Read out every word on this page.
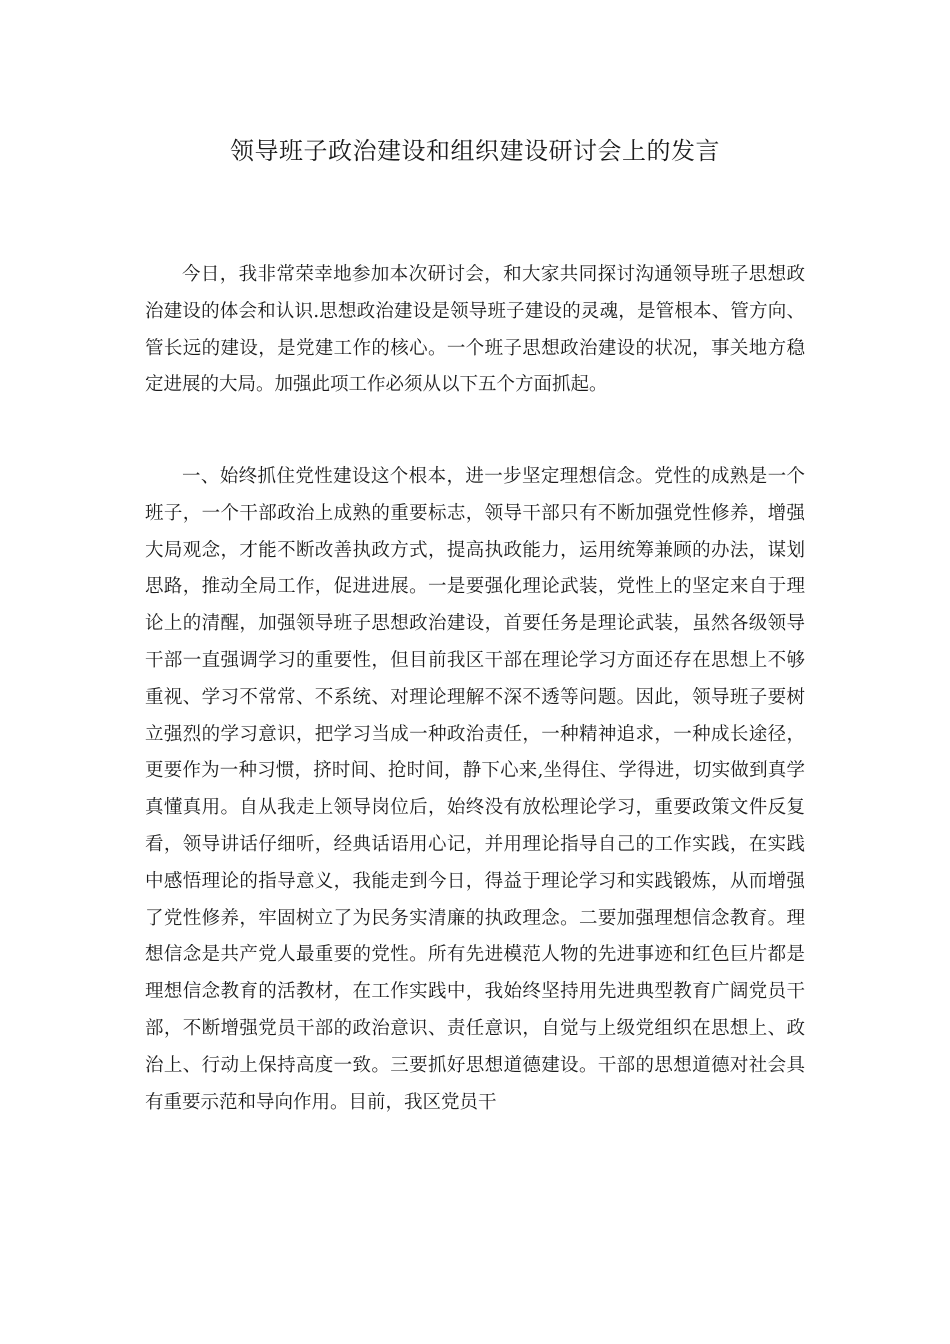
领导班子政治建设和组织建设研讨会上的发言

今日，我非常荣幸地参加本次研讨会，和大家共同探讨沟通领导班子思想政治建设的体会和认识.思想政治建设是领导班子建设的灵魂，是管根本、管方向、管长远的建设，是党建工作的核心。一个班子思想政治建设的状况，事关地方稳定进展的大局。加强此项工作必须从以下五个方面抓起。

一、始终抓住党性建设这个根本，进一步坚定理想信念。党性的成熟是一个班子，一个干部政治上成熟的重要标志，领导干部只有不断加强党性修养，增强大局观念，才能不断改善执政方式，提高执政能力，运用统筹兼顾的办法，谋划思路，推动全局工作，促进进展。一是要强化理论武装，党性上的坚定来自于理论上的清醒，加强领导班子思想政治建设，首要任务是理论武装，虽然各级领导干部一直强调学习的重要性，但目前我区干部在理论学习方面还存在思想上不够重视、学习不常常、不系统、对理论理解不深不透等问题。因此，领导班子要树立强烈的学习意识，把学习当成一种政治责任，一种精神追求，一种成长途径，更要作为一种习惯，挤时间、抢时间，静下心来,坐得住、学得进，切实做到真学真懂真用。自从我走上领导岗位后，始终没有放松理论学习，重要政策文件反复看，领导讲话仔细听，经典话语用心记，并用理论指导自己的工作实践，在实践中感悟理论的指导意义，我能走到今日，得益于理论学习和实践锻炼，从而增强了党性修养，牢固树立了为民务实清廉的执政理念。二要加强理想信念教育。理想信念是共产党人最重要的党性。所有先进模范人物的先进事迹和红色巨片都是理想信念教育的活教材，在工作实践中，我始终坚持用先进典型教育广阔党员干部，不断增强党员干部的政治意识、责任意识，自觉与上级党组织在思想上、政治上、行动上保持高度一致。三要抓好思想道德建设。干部的思想道德对社会具有重要示范和导向作用。目前，我区党员干
